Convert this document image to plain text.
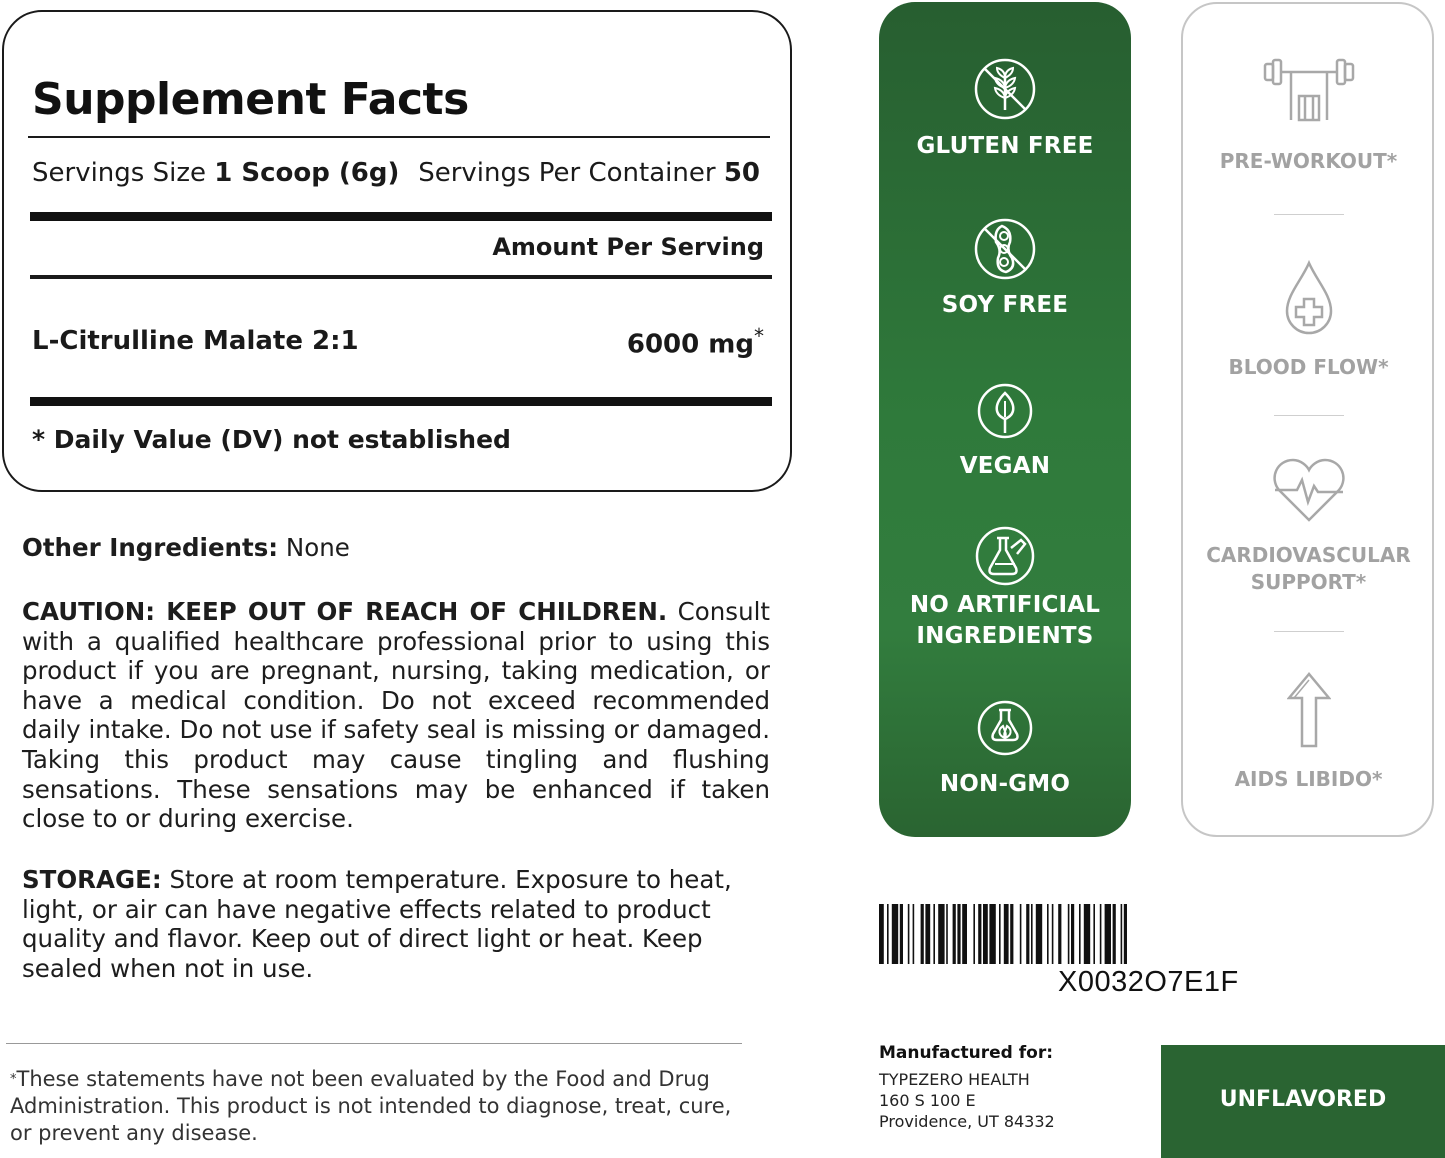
Supplement Facts
Servings Size 1 Scoop (6g) Servings Per Container 50
Amount Per Serving
L-Citrulline Malate 2:1	6000 mg*
* Daily Value (DV) not established
Other Ingredients: None
CAUTION: KEEP OUT OF REACH OF CHILDREN. Consult with a qualified healthcare professional prior to using this product if you are pregnant, nursing, taking medication, or have a medical condition. Do not exceed recommended daily intake. Do not use if safety seal is missing or damaged. Taking this product may cause tingling and flushing sensations. These sensations may be enhanced if taken close to or during exercise.
STORAGE: Store at room temperature. Exposure to heat, light, or air can have negative effects related to product quality and flavor. Keep out of direct light or heat. Keep sealed when not in use.
*These statements have not been evaluated by the Food and Drug Administration. This product is not intended to diagnose, treat, cure, or prevent any disease.
GLUTEN FREE
SOY FREE
VEGAN
NO ARTIFICIAL
INGREDIENTS
NON-GMO
PRE-WORKOUT*
BLOOD FLOW*
CARDIOVASCULAR
SUPPORT*
AIDS LIBIDO*
X0032O7E1F
Manufactured for:
TYPEZERO HEALTH
160 S 100 E
Providence, UT 84332
UNFLAVORED
